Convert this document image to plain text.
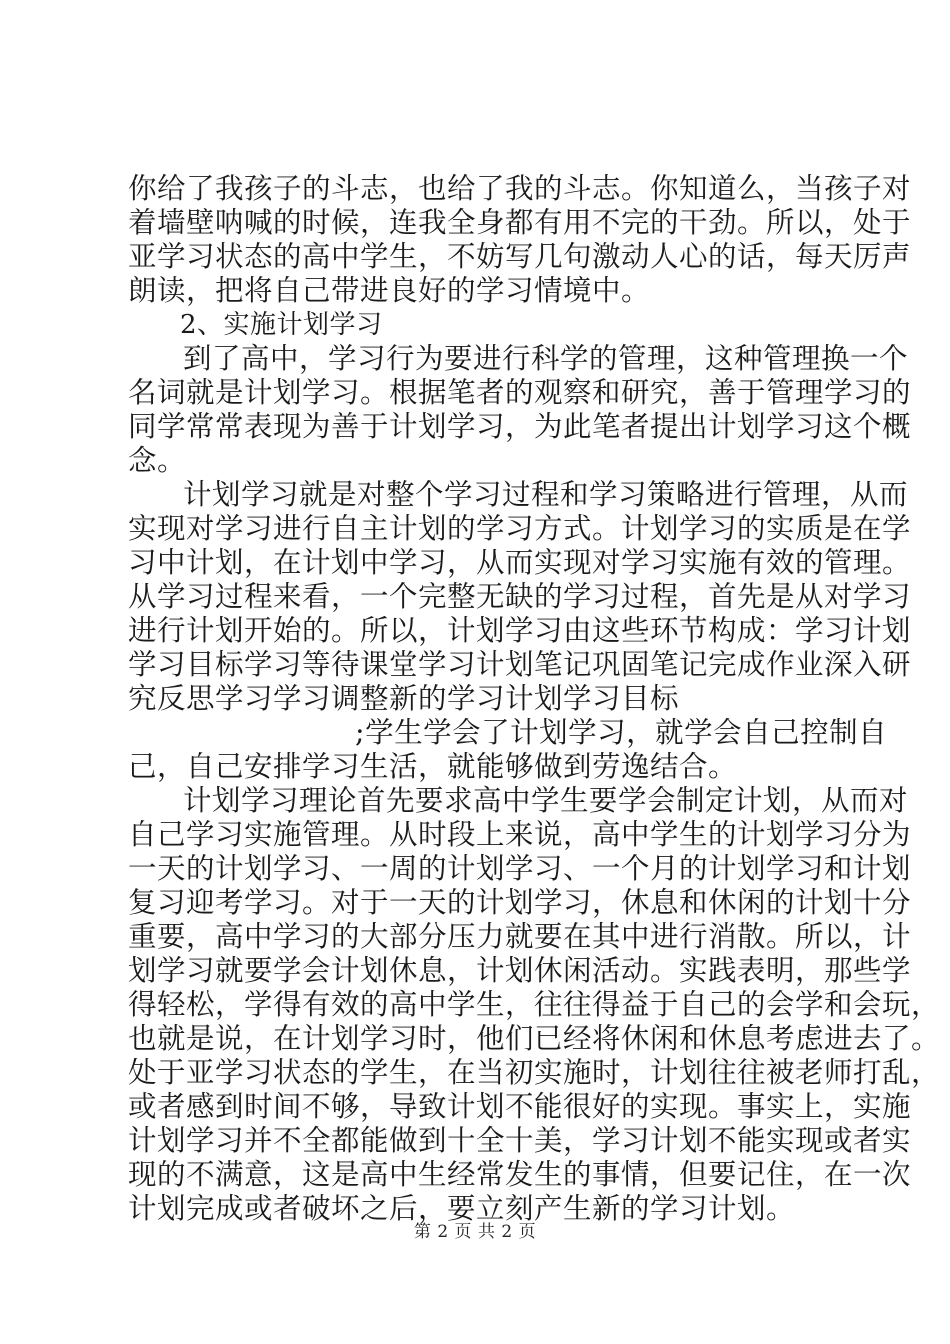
你给了我孩子的斗志，也给了我的斗志。你知道么，当孩子对
着墙壁呐喊的时候，连我全身都有用不完的干劲。所以，处于
亚学习状态的高中学生，不妨写几句激动人心的话，每天厉声
朗读，把将自己带进良好的学习情境中。
2、实施计划学习
到了高中，学习行为要进行科学的管理，这种管理换一个
名词就是计划学习。根据笔者的观察和研究，善于管理学习的
同学常常表现为善于计划学习，为此笔者提出计划学习这个概
念。
计划学习就是对整个学习过程和学习策略进行管理，从而
实现对学习进行自主计划的学习方式。计划学习的实质是在学
习中计划，在计划中学习，从而实现对学习实施有效的管理。
从学习过程来看，一个完整无缺的学习过程，首先是从对学习
进行计划开始的。所以，计划学习由这些环节构成：学习计划
学习目标学习等待课堂学习计划笔记巩固笔记完成作业深入研
究反思学习学习调整新的学习计划学习目标
;学生学会了计划学习，就学会自己控制自
己，自己安排学习生活，就能够做到劳逸结合。
计划学习理论首先要求高中学生要学会制定计划，从而对
自己学习实施管理。从时段上来说，高中学生的计划学习分为
一天的计划学习、一周的计划学习、一个月的计划学习和计划
复习迎考学习。对于一天的计划学习，休息和休闲的计划十分
重要，高中学习的大部分压力就要在其中进行消散。所以，计
划学习就要学会计划休息，计划休闲活动。实践表明，那些学
得轻松，学得有效的高中学生，往往得益于自己的会学和会玩，
也就是说，在计划学习时，他们已经将休闲和休息考虑进去了。
处于亚学习状态的学生，在当初实施时，计划往往被老师打乱，
或者感到时间不够，导致计划不能很好的实现。事实上，实施
计划学习并不全都能做到十全十美，学习计划不能实现或者实
现的不满意，这是高中生经常发生的事情，但要记住，在一次
计划完成或者破坏之后，要立刻产生新的学习计划。
第 2 页 共 2 页
